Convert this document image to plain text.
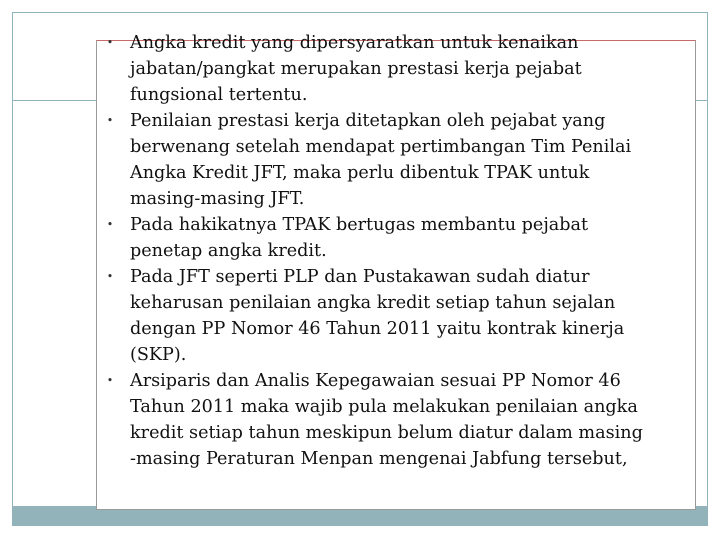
• Angka kredit yang dipersyaratkan untuk kenaikan
jabatan/pangkat merupakan prestasi kerja pejabat
fungsional tertentu.
• Penilaian prestasi kerja ditetapkan oleh pejabat yang
berwenang setelah mendapat pertimbangan Tim Penilai
Angka Kredit JFT, maka perlu dibentuk TPAK untuk
masing-masing JFT.
• Pada hakikatnya TPAK bertugas membantu pejabat
penetap angka kredit.
• Pada JFT seperti PLP dan Pustakawan sudah diatur
keharusan penilaian angka kredit setiap tahun sejalan
dengan PP Nomor 46 Tahun 2011 yaitu kontrak kinerja
(SKP).
• Arsiparis dan Analis Kepegawaian sesuai PP Nomor 46
Tahun 2011 maka wajib pula melakukan penilaian angka
kredit setiap tahun meskipun belum diatur dalam masing
-masing Peraturan Menpan mengenai Jabfung tersebut,
